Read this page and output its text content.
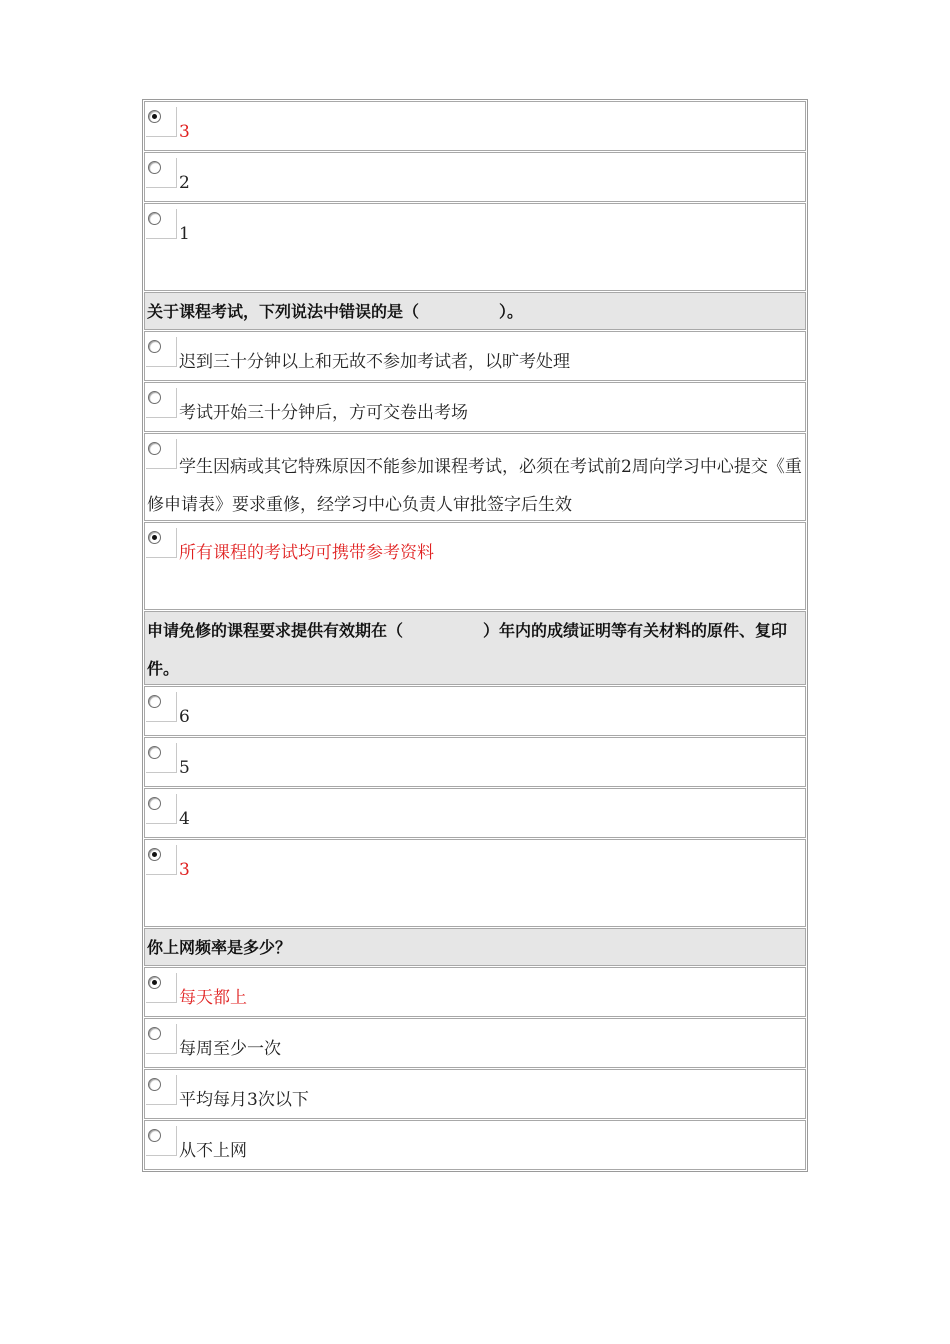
3
2
1
关于课程考试，下列说法中错误的是（　　　　　）。
迟到三十分钟以上和无故不参加考试者，以旷考处理
考试开始三十分钟后，方可交卷出考场
学生因病或其它特殊原因不能参加课程考试，必须在考试前2周向学习中心提交《重修申请表》要求重修，经学习中心负责人审批签字后生效
所有课程的考试均可携带参考资料
申请免修的课程要求提供有效期在（　　　　　）年内的成绩证明等有关材料的原件、复印件。
6
5
4
3
你上网频率是多少？
每天都上
每周至少一次
平均每月3次以下
从不上网
